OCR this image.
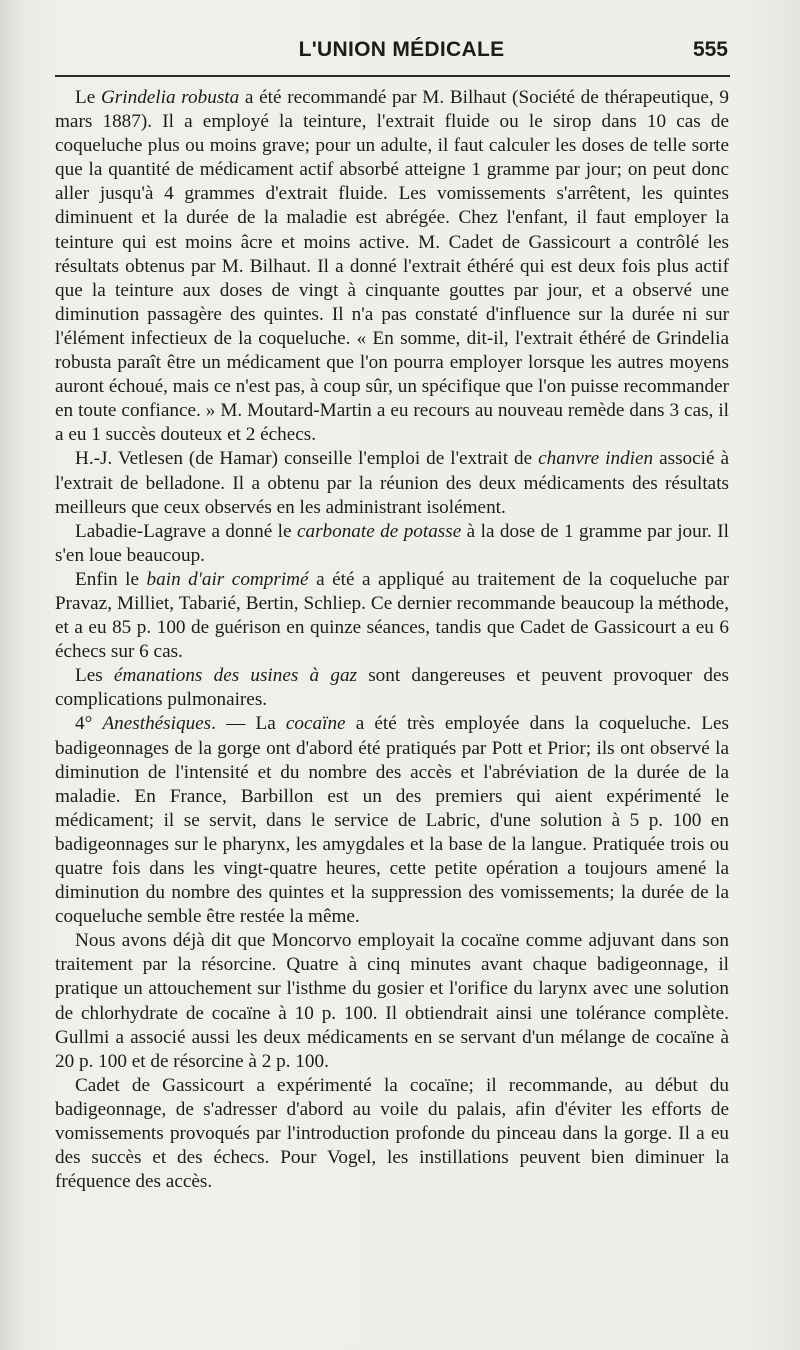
L'UNION MÉDICALE	555

Le Grindelia robusta a été recommandé par M. Bilhaut (Société de thérapeutique, 9 mars 1887). Il a employé la teinture, l'extrait fluide ou le sirop dans 10 cas de coqueluche plus ou moins grave; pour un adulte, il faut calculer les doses de telle sorte que la quantité de médicament actif absorbé atteigne 1 gramme par jour; on peut donc aller jusqu'à 4 grammes d'extrait fluide. Les vomissements s'arrêtent, les quintes diminuent et la durée de la maladie est abrégée. Chez l'enfant, il faut employer la teinture qui est moins âcre et moins active. M. Cadet de Gassicourt a contrôlé les résultats obtenus par M. Bilhaut. Il a donné l'extrait éthéré qui est deux fois plus actif que la teinture aux doses de vingt à cinquante gouttes par jour, et a observé une diminution passagère des quintes. Il n'a pas constaté d'influence sur la durée ni sur l'élément infectieux de la coqueluche. « En somme, dit-il, l'extrait éthéré de Grindelia robusta paraît être un médicament que l'on pourra employer lorsque les autres moyens auront échoué, mais ce n'est pas, à coup sûr, un spécifique que l'on puisse recommander en toute confiance. » M. Moutard-Martin a eu recours au nouveau remède dans 3 cas, il a eu 1 succès douteux et 2 échecs.

H.-J. Vetlesen (de Hamar) conseille l'emploi de l'extrait de chanvre indien associé à l'extrait de belladone. Il a obtenu par la réunion des deux médicaments des résultats meilleurs que ceux observés en les administrant isolément.

Labadie-Lagrave a donné le carbonate de potasse à la dose de 1 gramme par jour. Il s'en loue beaucoup.

Enfin le bain d'air comprimé a été a appliqué au traitement de la coqueluche par Pravaz, Milliet, Tabarié, Bertin, Schliep. Ce dernier recommande beaucoup la méthode, et a eu 85 p. 100 de guérison en quinze séances, tandis que Cadet de Gassicourt a eu 6 échecs sur 6 cas.

Les émanations des usines à gaz sont dangereuses et peuvent provoquer des complications pulmonaires.

4° Anesthésiques. — La cocaïne a été très employée dans la coqueluche. Les badigeonnages de la gorge ont d'abord été pratiqués par Pott et Prior; ils ont observé la diminution de l'intensité et du nombre des accès et l'abréviation de la durée de la maladie. En France, Barbillon est un des premiers qui aient expérimenté le médicament; il se servit, dans le service de Labric, d'une solution à 5 p. 100 en badigeonnages sur le pharynx, les amygdales et la base de la langue. Pratiquée trois ou quatre fois dans les vingt-quatre heures, cette petite opération a toujours amené la diminution du nombre des quintes et la suppression des vomissements; la durée de la coqueluche semble être restée la même.

Nous avons déjà dit que Moncorvo employait la cocaïne comme adjuvant dans son traitement par la résorcine. Quatre à cinq minutes avant chaque badigeonnage, il pratique un attouchement sur l'isthme du gosier et l'orifice du larynx avec une solution de chlorhydrate de cocaïne à 10 p. 100. Il obtiendrait ainsi une tolérance complète. Gullmi a associé aussi les deux médicaments en se servant d'un mélange de cocaïne à 20 p. 100 et de résorcine à 2 p. 100.

Cadet de Gassicourt a expérimenté la cocaïne; il recommande, au début du badigeonnage, de s'adresser d'abord au voile du palais, afin d'éviter les efforts de vomissements provoqués par l'introduction profonde du pinceau dans la gorge. Il a eu des succès et des échecs. Pour Vogel, les instillations peuvent bien diminuer la fréquence des accès.
